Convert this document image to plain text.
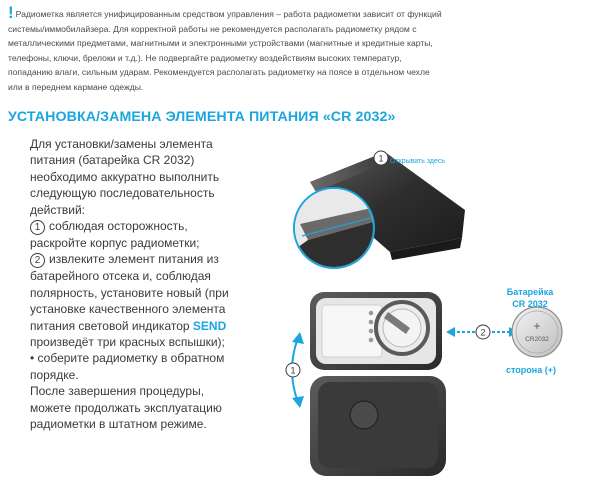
! Радиометка является унифицированным средством управления – работа радиометки зависит от функций
системы/иммобилайзера. Для корректной работы не рекомендуется располагать радиометку рядом с
металлическими предметами, магнитными и электронными устройствами (магнитные и кредитные карты,
телефоны, ключи, брелоки и т.д.). Не подвергайте радиометку воздействиям высоких температур,
попаданию влаги, сильным ударам. Рекомендуется располагать радиометку на поясе в отдельном чехле
или в переднем кармане одежды.
УСТАНОВКА/ЗАМЕНА ЭЛЕМЕНТА ПИТАНИЯ «CR 2032»
Для установки/замены элемента
питания (батарейка CR 2032)
необходимо аккуратно выполнить
следующую последовательность
действий:
1 соблюдая осторожность,
раскройте корпус радиометки;
2 извлеките элемент питания из
батарейного отсека и, соблюдая
полярность, установите новый (при
установке качественного элемента
питания световой индикатор SEND
произведёт три красных вспышки);
• соберите радиометку в обратном
порядке.
После завершения процедуры,
можете продолжать эксплуатацию
радиометки в штатном режиме.
1 Открывать здесь
1
2	+
CR2032
Батарейка CR 2032
сторона (+)
